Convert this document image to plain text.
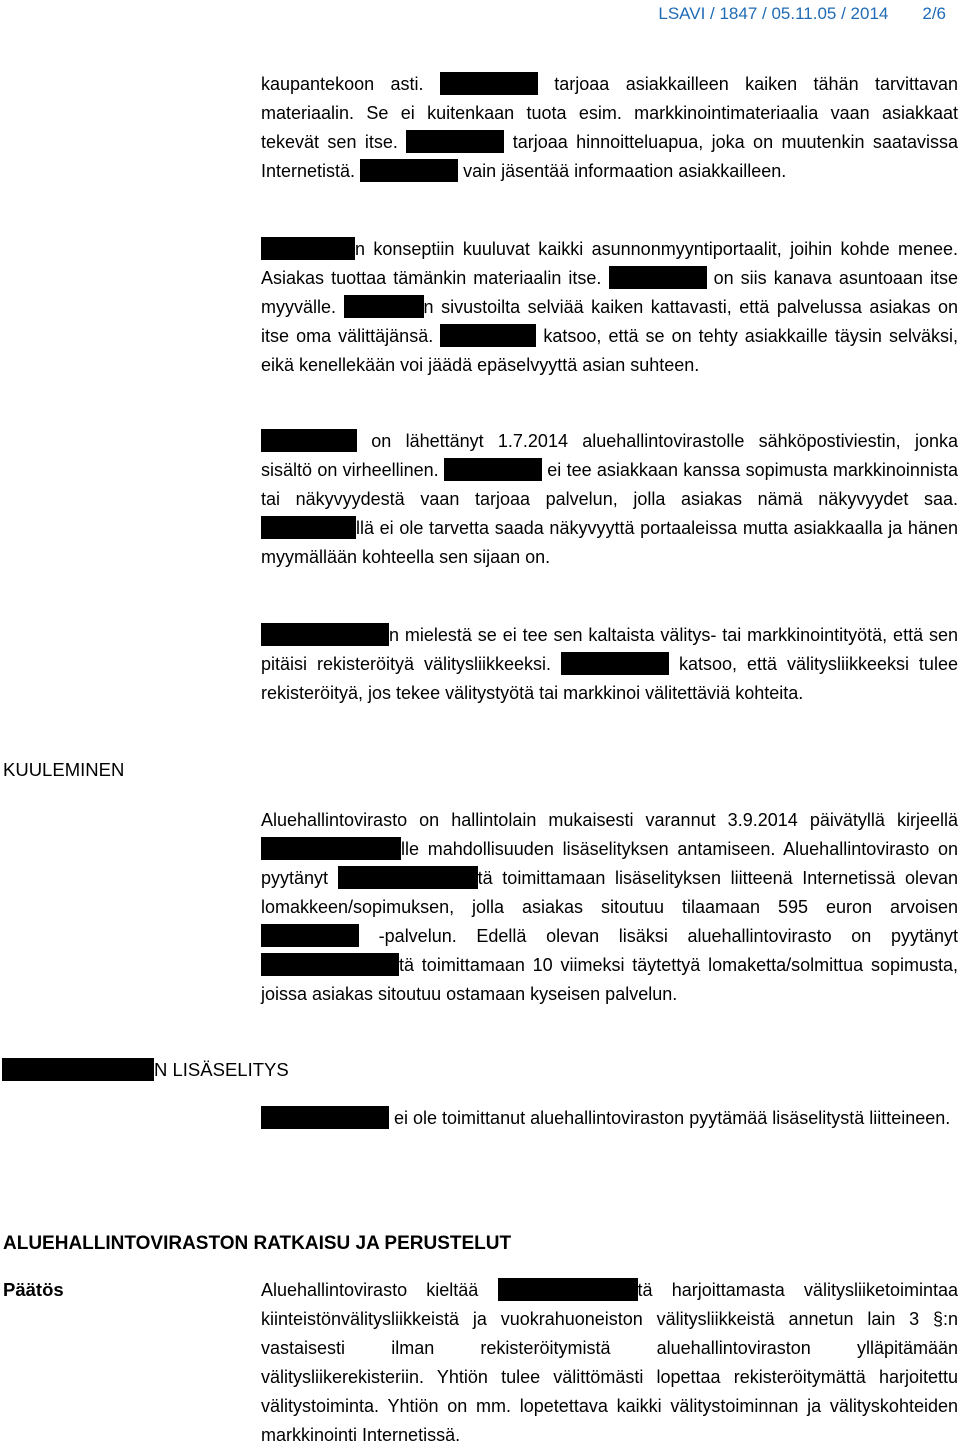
LSAVI / 1847 / 05.11.05 / 2014 2/6

kaupantekoon asti.	tarjoaa asiakkailleen kaiken tähän tarvittavan materiaalin. Se ei kuitenkaan tuota esim. markkinointimateriaalia vaan asiakkaat tekevät sen itse.	tarjoaa hinnoitteluapua, joka on muutenkin saatavissa Internetistä.	vain jäsentää informaation asiakkailleen.

n konseptiin kuuluvat kaikki asunnonmyyntiportaalit, joihin kohde menee. Asiakas tuottaa tämänkin materiaalin itse.	on siis kanava asuntoaan itse myyvälle.	n sivustoilta selviää kaiken kattavasti, että palvelussa asiakas on itse oma välittäjänsä.	katsoo, että se on tehty asiakkaille täysin selväksi, eikä kenellekään voi jäädä epäselvyyttä asian suhteen.

on lähettänyt 1.7.2014 aluehallintovirastolle sähköpostiviestin, jonka sisältö on virheellinen.	ei tee asiakkaan kanssa sopimusta markkinoinnista tai näkyvyydestä vaan tarjoaa palvelun, jolla asiakas nämä näkyvyydet saa. llä ei ole tarvetta saada näkyvyyttä portaaleissa mutta asiakkaalla ja hänen myymällään kohteella sen sijaan on.

n mielestä se ei tee sen kaltaista välitys- tai markkinointityötä, että sen pitäisi rekisteröityä välitysliikkeeksi.	katsoo, että välitysliikkeeksi tulee rekisteröityä, jos tekee välitystyötä tai markkinoi välitettäviä kohteita.

KUULEMINEN

Aluehallintovirasto on hallintolain mukaisesti varannut 3.9.2014 päivätyllä kirjeellä lle mahdollisuuden lisäselityksen antamiseen. Aluehallintovirasto on pyytänyt	tä toimittamaan lisäselityksen liitteenä Internetissä olevan lomakkeen/sopimuksen, jolla asiakas sitoutuu tilaamaan 595 euron arvoisen  -palvelun. Edellä olevan lisäksi aluehallintovirasto on pyytänyt tä toimittamaan 10 viimeksi täytettyä lomaketta/solmittua sopimusta, joissa asiakas sitoutuu ostamaan kyseisen palvelun.

N LISÄSELITYS

ei ole toimittanut aluehallintoviraston pyytämää lisäselitystä liitteineen.

ALUEHALLINTOVIRASTON RATKAISU JA PERUSTELUT
Päätös	Aluehallintovirasto kieltää	tä harjoittamasta välitysliiketoimintaa kiinteistönvälitysliikkeistä ja vuokrahuoneiston välitysliikkeistä annetun lain 3 §:n vastaisesti ilman rekisteröitymistä aluehallintoviraston ylläpitämään välitysliikerekisteriin. Yhtiön tulee välittömästi lopettaa rekisteröitymättä harjoitettu välitystoiminta. Yhtiön on mm. lopetettava kaikki välitystoiminnan ja välityskohteiden markkinointi Internetissä.
